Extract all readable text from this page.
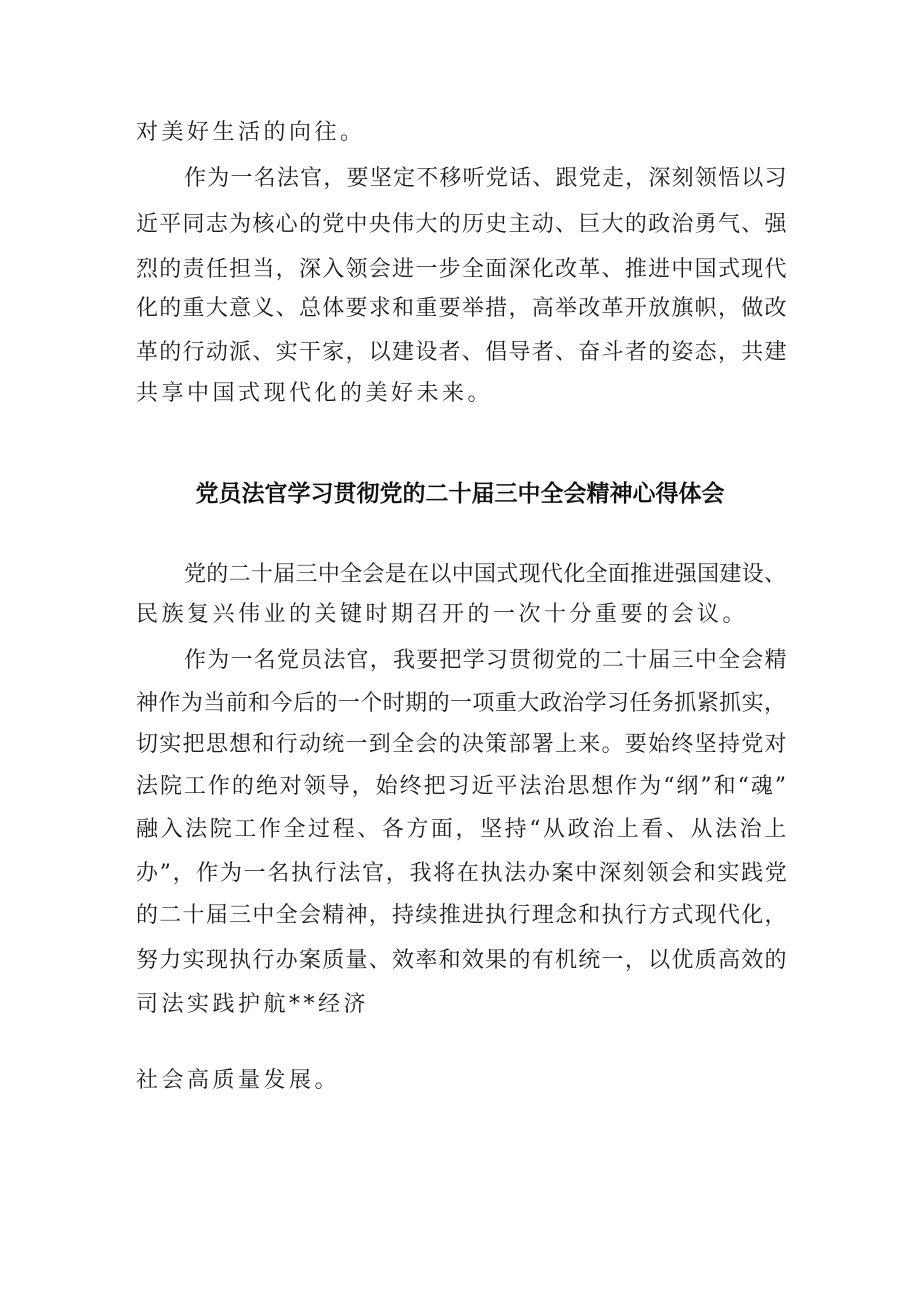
对美好生活的向往。
作为一名法官，要坚定不移听党话、跟党走，深刻领悟以习
近平同志为核心的党中央伟大的历史主动、巨大的政治勇气、强
烈的责任担当，深入领会进一步全面深化改革、推进中国式现代
化的重大意义、总体要求和重要举措，高举改革开放旗帜，做改
革的行动派、实干家，以建设者、倡导者、奋斗者的姿态，共建
共享中国式现代化的美好未来。
党员法官学习贯彻党的二十届三中全会精神心得体会
党的二十届三中全会是在以中国式现代化全面推进强国建设、
民族复兴伟业的关键时期召开的一次十分重要的会议。
作为一名党员法官，我要把学习贯彻党的二十届三中全会精
神作为当前和今后的一个时期的一项重大政治学习任务抓紧抓实，
切实把思想和行动统一到全会的决策部署上来。要始终坚持党对
法院工作的绝对领导，始终把习近平法治思想作为“纲”和“魂”
融入法院工作全过程、各方面，坚持“从政治上看、从法治上
办”，作为一名执行法官，我将在执法办案中深刻领会和实践党
的二十届三中全会精神，持续推进执行理念和执行方式现代化，
努力实现执行办案质量、效率和效果的有机统一，以优质高效的
司法实践护航**经济
社会高质量发展。
